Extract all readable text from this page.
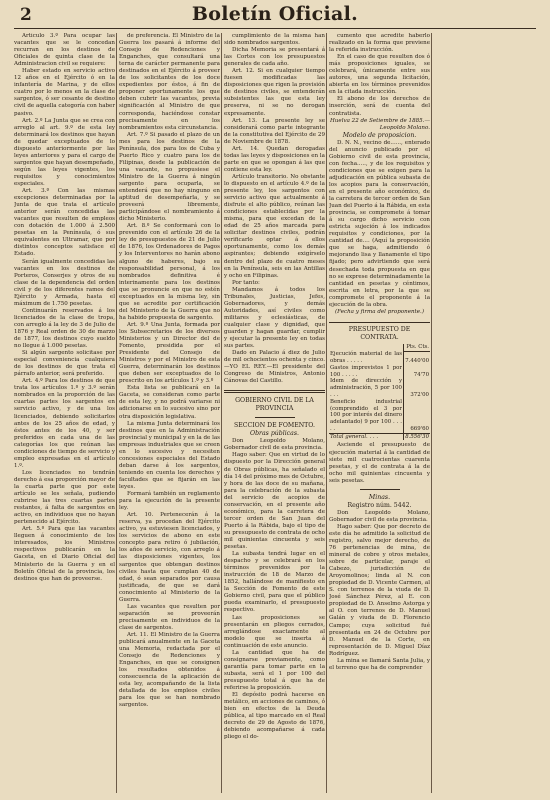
2	Boletín Oficial.

Artículo 3.º Para ocupar las vacantes que se le concedan recurran en los destinos de Oficiales de quinta clase de la Administracion civil se requiere:

Haber estado en servicio activo 12 años en el Ejército ó en la infantería de Marina, y de ellos cuatro por lo menos en la clase de sargentos, ó ser cesante de destino civil de aquella categoría con haber pasivo.

Art. 2.º La Junta que se crea con arreglo al art. 9.º de esta ley determinará los destinos que hayan de quedar exceptuados de lo dispuesto anteriormente por las leyes anteriores y para el cargo de sargentos que hayan desempeñado, según las leyes vigentes, los requisitos y conocimientos especiales.

Art. 3.º Con las mismas excepciones determinadas por la Junta de que trata el artículo anterior serán concedidas las vacantes que resulten de empleos con dotación de 1.000 á 2.500 pesetas en la Península, ó sus equivalentes en Ultramar, que por distintos conceptos satisface el Estado.

Serán igualmente concedidas las vacantes en los destinos de Porteros, Conserjes y otros de su clase de la dependencia del orden civil y de los diferentes ramos del Ejército y Armada, hasta el máximum de 1.750 pesetas.

Continuarán reservados á los licenciados de la clase de tropa, con arreglo á la ley de 3 de Julio de 1876 y Real orden de 30 de marzo de 1877, los destinos cuyo sueldo no llegue á 1.000 pesetas.

Si algún sargento solicitase por especial conveniencia cualquiera de los destinos de que trata el párrafo anterior, será preferido.

Art. 4.º Para los destinos de que trata los artículos 1.º y 3.º serán nombrados en la proporción de las cuartas partes los sargentos en servicio activo, y de una los licenciados, debiendo solicitarlos antes de los 25 años de edad, y éstos antes de los 40, y ser preferidos en cada una de las categorías los que reúnan las condiciones de tiempo de servicio y empleo expresadas en el artículo 1.º.

Los licenciados no tendrán derecho á esa proporción mayor de la cuarta parte que por este artículo se les señala, pudiendo cubrirse las tres cuartas partes restantes, á falta de sargentos en activo, en individuos que no hayan pertenecido al Ejército.

Art. 5.º Para que las vacantes lleguen á conocimiento de los interesados, los Ministros respectivos publicarán en la Gaceta, en el Diario Oficial del Ministerio de la Guerra y en el Boletín Oficial de la provincia, los destinos que han de proveerse.

de preferencia. El Ministro de la Guerra los pasará á informe del Consejo de Redenciones y Enganches, que consultará una terna de carácter permanente para destinados en el Ejército á proveer de los solicitantes de los doce expedientes por éstos, á fin de proponer oportunamente los que deben cubrir las vacantes, previa significación al Ministro de que corresponda, haciéndose constar precisamente en los nombramientos esta circunstancia.

Art. 7.º Si pasado el plazo de un mes para los destinos de la Península, dos para los de Cuba y Puerto Rico y cuatro para los de Filipinas, desde la publicación de una vacante, no propusiese el Ministro de la Guerra á ningún sargento para ocuparla, se entenderá que no hay ninguno en aptitud de desempeñarla, y se proveerá libremente, participándose el nombramiento á dicho Ministerio.

Art. 8.º Se conformará con lo prevenido con el artículo 26 de la ley de presupuestos de 21 de Julio de 1876, los Ordenadores de Pagos y los Interventores no harán abono alguno de haberes, bajo su responsabilidad personal, á los nombrados definitiva é interinamente para los destinos que se pronuncie en que no estén exceptuados en la misma ley, sin que se acredite por certificación del Ministerio de la Guerra que no ha habido propuesta de sargento.

Art. 9.º Una Junta, formada por los Subsecretarios de los diversos Ministerios y un Director del de Fomento, presidida por el Presidente del Consejo de Ministros y por el Ministro de esta Guerra, determinarán los destinos que deben ser exceptuados de lo prescrito en los artículos 1.º y 3.º

Esta lista se publicará en la Gaceta, se consideran como parte de esta ley, y no podrá variarse ni adicionarse en lo sucesivo sino por otra disposición legislativa.

La misma Junta determinará los destinos que en la Administración provincial y municipal y en la de las empresas industriales que se creen en lo sucesivo y necesiten concesiones especiales del Estado deban darse á los sargentos, teniendo en cuenta los derechos y facultades que se fijarán en las leyes.

Formará también un reglamento para la ejecución de la presente ley.

Art. 10. Pertenecerán á la reserva, ya procedan del Ejército activo, ya estuviesen licenciados, y los servicios de abono en este concepto para retiro ó jubilación, los años de servicio, con arreglo á las disposiciones vigentes, los sargentos que obtengan destinos civiles hasta que cumplan 40 de edad, ó sean separados por causa justificada, de que se dará conocimiento al Ministerio de la Guerra.

Las vacantes que resulten por separación se proveerán precisamente en individuos de la clase de sargentos.

Art. 11. El Ministro de la Guerra publicará anualmente en la Gaceta una Memoria, redactada por el Consejo de Redenciones y Enganches, en que se consignen los resultados obtenidos á consecuencia de la aplicación de esta ley, acompañando de la lista detallada de los empleos civiles para los que se han nombrado sargentos.

cumplimiento de la misma han sido nombrados sargentos.

Dicha Memoria se presentará á las Cortes con los presupuestos generales de cada año.

Art. 12. Si en cualquier tiempo fuesen modificadas las disposiciones que rigen la provisión de destinos civiles, se entenderán subsistentes las que esta ley preserva, ni se no derogan expresamente.

Art. 13. La presente ley se considerará como parte integrante de la constitutiva del Ejército de 29 de Noviembre de 1878.

Art. 14. Quedan derogadas todas las leyes y disposiciones en la parte en que se opongan á las que contiene esta ley.

Artículo transitorio. No obstante lo dispuesto en el artículo 4.º de la presente ley, los sargentos con servicio activo que actualmente á disfrute el alto público, reúnan las condiciones establecidas por la misma, para que excedan de la edad de 25 años marcada para solicitar destinos civiles, podrán verificarlo optar á ellos oportunamente, como los demás aspirantes; debiendo exigírselo dentro del plazo de cuatro meses en la Península, seis en las Antillas y ocho en Filipinas.

Por tanto:

Mandamos á todos los Tribunales, Justicias, Jefes, Gobernadores, y demás Autoridades, así civiles como militares y eclesiásticas, de cualquier clase y dignidad, que guarden y hagan guardar, cumplir y ejecutar la presente ley en todas sus partes.

Dado en Palacio á diez de Julio de mil ochocientos ochenta y cinco.—YO EL REY.—El presidente del Congreso de Ministros, Antonio Cánovas del Castillo.

GOBIERNO CIVIL DE LA PROVINCIA

SECCION DE FOMENTO.

Obras públicas.

Don Leopoldo Molano, Gobernador civil de esta provincia.

Hago saber: Que en virtud de lo dispuesto por la Dirección general de Obras públicas, ha señalado el día 14 del próximo mes de Octubre, y hora de las doce de su mañana, para la celebración de la subasta del servicio de acopios de conservación, en el presente año económico, para la carretera de tercer orden de San Juan del Puerto á la Rábida, bajo el tipo de su presupuesto de contrata de ocho mil quinientas cincuenta y seis pesetas.

La subasta tendrá lugar en el despacho y se celebrará en los términos prevenidos por la instrucción de 18 de Marzo de 1852, hallándose de manifiesto en la Sección de Fomento de este Gobierno civil, para que el público pueda examinarlo, el presupuesto respectivo.

Las proposiciones se presentarán en pliegos cerrados, arreglándose exactamente al modelo que se inserta á continuación de este anuncio.

La cantidad que ha de consignarse previamente, como garantía para tomar parte en la subasta, será el 1 por 100 del presupuesto total á que ha de referirse la proposición.

El depósito podrá hacerse en metálico, en acciones de caminos, ó bien en efectos de la Deuda pública, al tipo marcado en el Real decreto de 29 de Agosto de 1876, debiendo acompañarse á cada pliego el do-

cumento que acredite haberlo realizado en la forma que previene la referida instrucción.

En el caso de que resulten dos ó más proposiciones iguales, se celebrará, únicamente entre sus autores, una segunda licitación, abierta en los términos prevenidos en la citada instrucción.

El abono de los derechos de inserción, será de cuenta del contratista.

Huelva 22 de Setiembre de 1885.—Leopoldo Molano.

Modelo de proposicion.

D. N. N., vecino de......, enterado del anuncio publicado por el Gobierno civil de esta provincia, con fecha....., y de los requisitos y condiciones que se exigen para la adjudicación en pública subasta de los acopios para la conservación, en el presente año económico, de la carretera de tercer orden de San Juan del Puerto á la Rábida, en esta provincia, se compromete á tomar á su cargo dicho servicio con estricta sujeción á los indicados requisitos y condiciones, por la cantidad de.... (Aquí la proposición que se haga, admitiendo ó mejorando lisa y llanamente el tipo fijado; pero advirtiendo que será desechada toda propuesta en que no se exprese determinadamente la cantidad en pesetas y céntimos, escrita en letra, por la que se compromete el proponente á la ejecución de la obra.

(Fecha y firma del proponente.)

PRESUPUESTO DE CONTRATA.

	Pts. Cts.
Ejecución material de las obras . . . . .	7.440'00
Gastos imprevistos 1 por 100 . . . . .	74'70
Idem de dirección y administración, 5 por 100 . . .	372'00
Beneficio industrial (comprendido el 3 por 100 por interés del dinero adelantado) 9 por 100 . . . . .	669'60
Total general. . . .	8.556'30

Asciende el presupuesto de ejecución material á la cantidad de siete mil cuatrocientas cuarenta pesetas, y el de contrata á la de ocho mil quinientas cincuenta y seis pesetas.

Minas.

Registro núm. 5442.

Don Leopoldo Molano, Gobernador civil de esta provincia.

Hago saber: Que por decreto de este día he admitido la solicitud de registro, salvo mejor derecho, de 76 pertenencias de mina, de mineral de cobre y otros metales, sobre de particular, paraje el Cabezo, jurisdicción de Aroyomolinos; linda al N. con propiedad de D. Vicente Carmen, al S. con terrenos de la viuda de D. José Sánchez Pérez, al E. con propiedad de D. Anselmo Astorga y al O. con terrenos de D. Manuel Galán y viuda de D. Florencio Campo; cuya solicitud fué presentada en 24 de Octubre por D. Manuel de la Corte, en representación de D. Miguel Díaz Rodríguez.

La mina se llamará Santa Julia, y el terreno que ha de comprender
